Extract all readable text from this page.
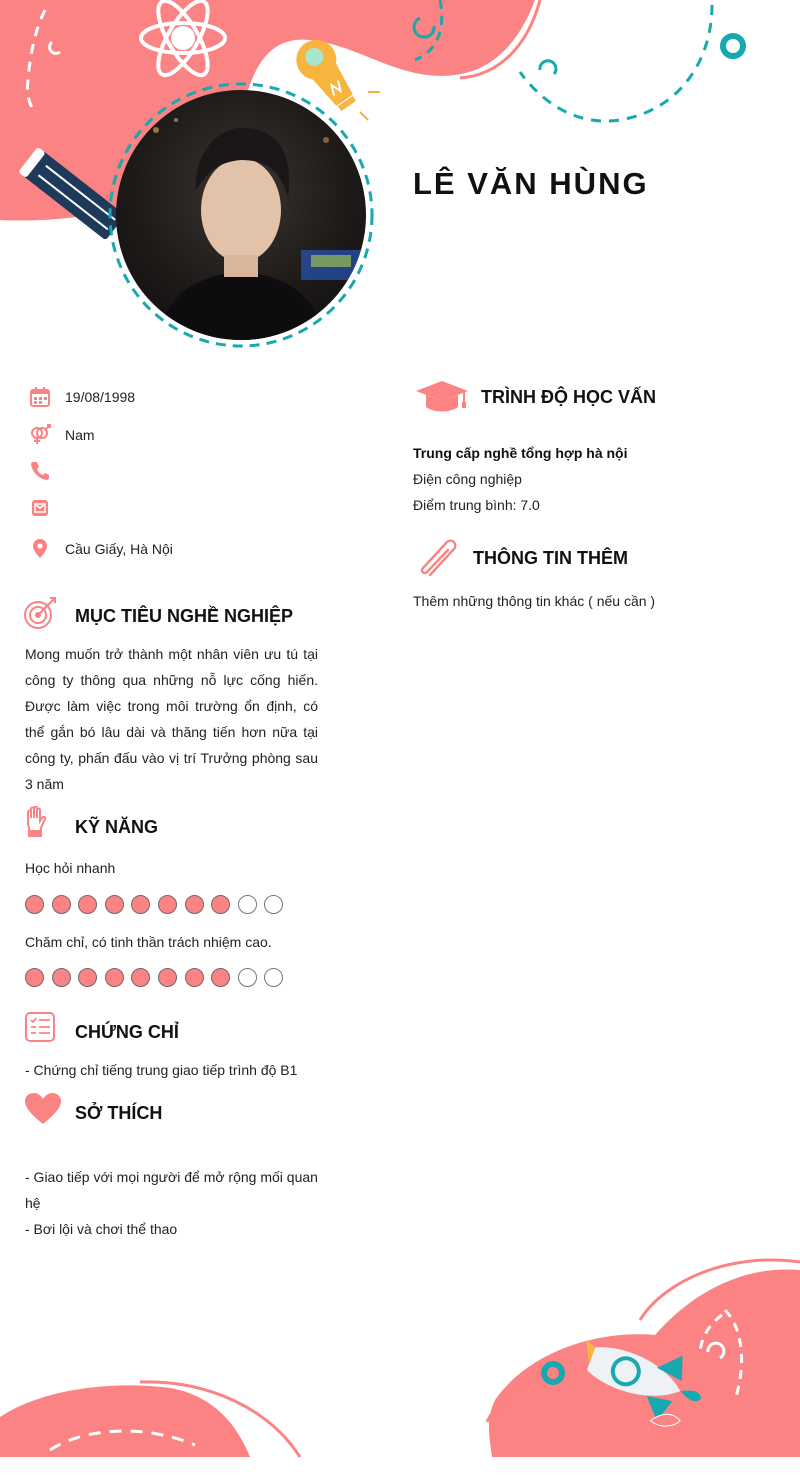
LÊ VĂN HÙNG
19/08/1998
Nam
Cầu Giấy, Hà Nội
MỤC TIÊU NGHỀ NGHIỆP
Mong muốn trở thành một nhân viên ưu tú tại công ty thông qua những nỗ lực cống hiến. Được làm việc trong môi trường ổn định, có thể gắn bó lâu dài và thăng tiến hơn nữa tại công ty, phấn đấu vào vị trí Trưởng phòng sau 3 năm
KỸ NĂNG
Học hỏi nhanh
Chăm chỉ, có tinh thần trách nhiệm cao.
CHỨNG CHỈ
- Chứng chỉ tiếng trung giao tiếp trình độ B1
SỞ THÍCH
- Giao tiếp với mọi người để mở rộng mối quan hệ
- Bơi lội và chơi thể thao
TRÌNH ĐỘ HỌC VẤN
Trung cấp nghề tổng hợp hà nội
Điện công nghiệp
Điểm trung bình: 7.0
THÔNG TIN THÊM
Thêm những thông tin khác ( nếu cần )
